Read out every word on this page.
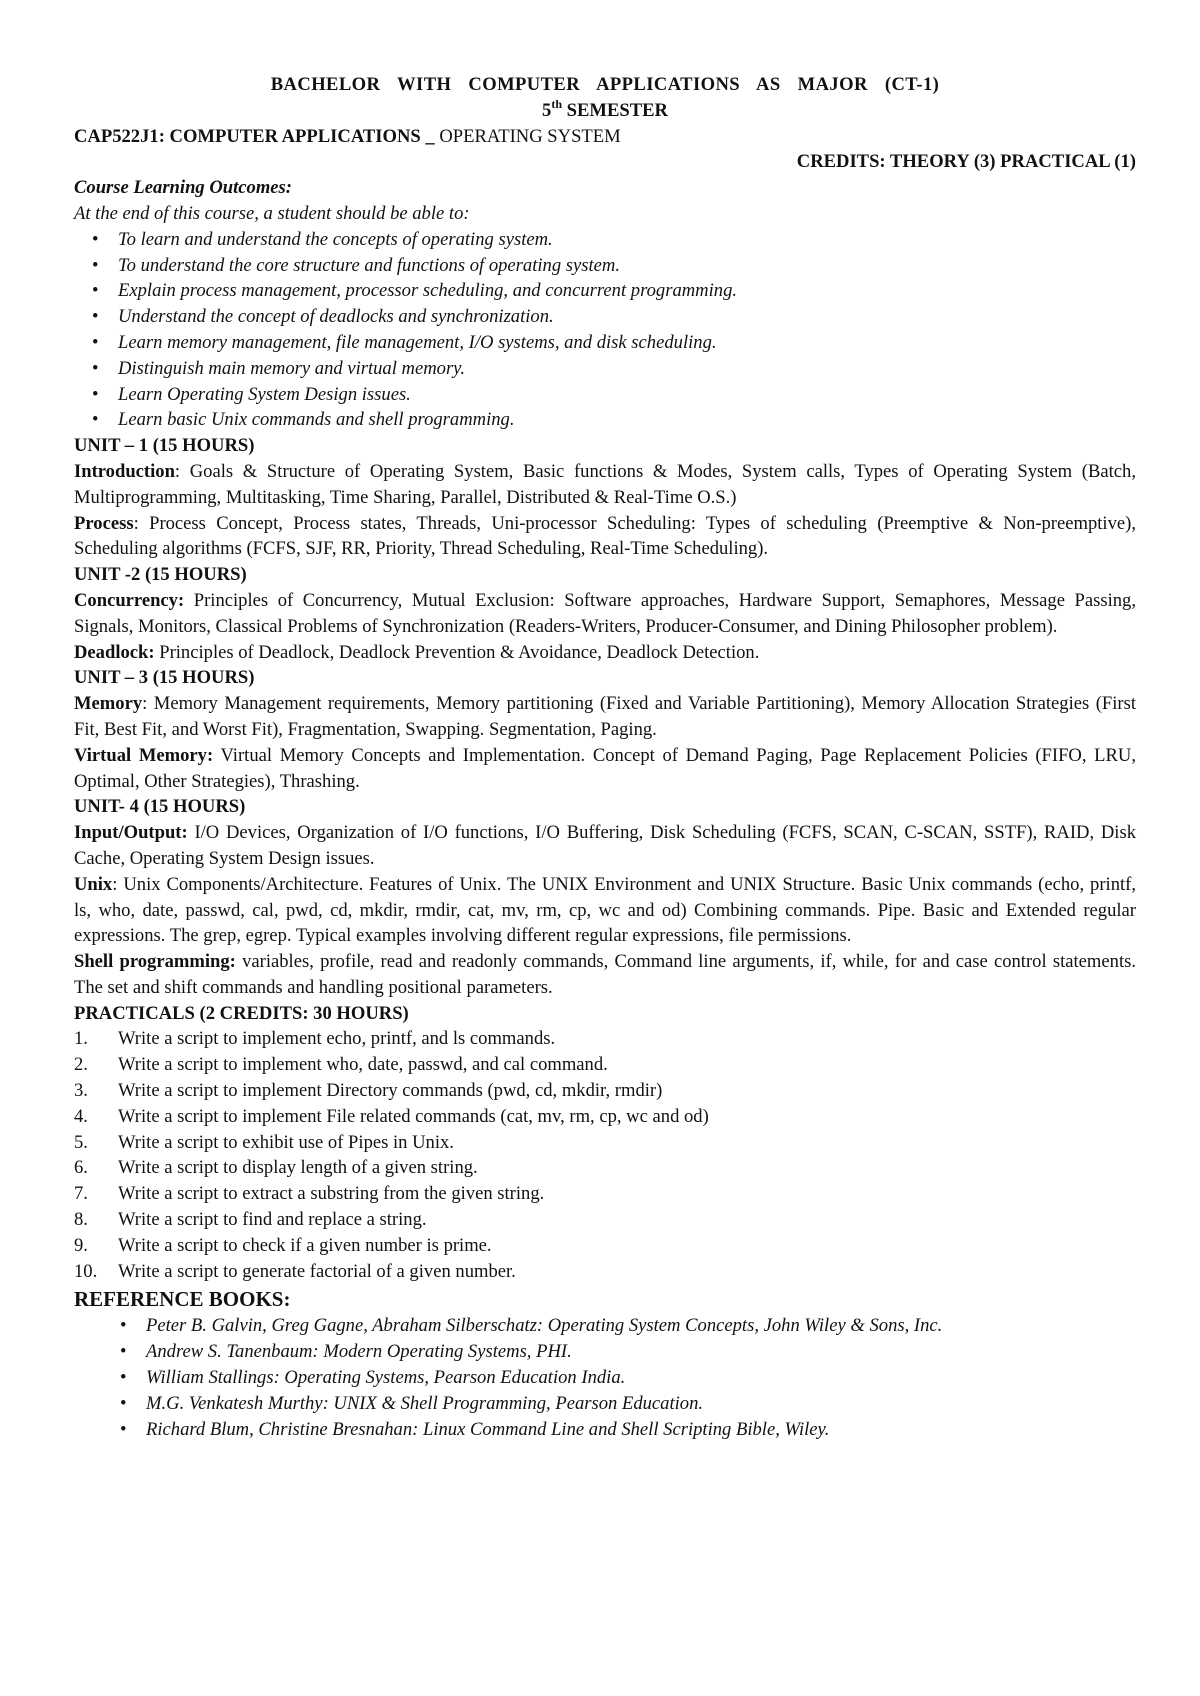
BACHELOR WITH COMPUTER APPLICATIONS AS MAJOR (CT-1)
5th SEMESTER
CAP522J1: COMPUTER APPLICATIONS _ OPERATING SYSTEM
CREDITS: THEORY (3) PRACTICAL (1)
Course Learning Outcomes:
At the end of this course, a student should be able to:
• To learn and understand the concepts of operating system.
• To understand the core structure and functions of operating system.
• Explain process management, processor scheduling, and concurrent programming.
• Understand the concept of deadlocks and synchronization.
• Learn memory management, file management, I/O systems, and disk scheduling.
• Distinguish main memory and virtual memory.
• Learn Operating System Design issues.
• Learn basic Unix commands and shell programming.
UNIT – 1 (15 HOURS)

Introduction: Goals & Structure of Operating System, Basic functions & Modes, System calls, Types of Operating System (Batch, Multiprogramming, Multitasking, Time Sharing, Parallel, Distributed & Real-Time O.S.)

Process: Process Concept, Process states, Threads, Uni-processor Scheduling: Types of scheduling (Preemptive & Non-preemptive), Scheduling algorithms (FCFS, SJF, RR, Priority, Thread Scheduling, Real-Time Scheduling).

UNIT -2 (15 HOURS)

Concurrency: Principles of Concurrency, Mutual Exclusion: Software approaches, Hardware Support, Semaphores, Message Passing, Signals, Monitors, Classical Problems of Synchronization (Readers-Writers, Producer-Consumer, and Dining Philosopher problem).

Deadlock: Principles of Deadlock, Deadlock Prevention & Avoidance, Deadlock Detection.

UNIT – 3 (15 HOURS)

Memory: Memory Management requirements, Memory partitioning (Fixed and Variable Partitioning), Memory Allocation Strategies (First Fit, Best Fit, and Worst Fit), Fragmentation, Swapping. Segmentation, Paging.

Virtual Memory: Virtual Memory Concepts and Implementation. Concept of Demand Paging, Page Replacement Policies (FIFO, LRU, Optimal, Other Strategies), Thrashing.

UNIT- 4 (15 HOURS)

Input/Output: I/O Devices, Organization of I/O functions, I/O Buffering, Disk Scheduling (FCFS, SCAN, C-SCAN, SSTF), RAID, Disk Cache, Operating System Design issues.

Unix: Unix Components/Architecture. Features of Unix. The UNIX Environment and UNIX Structure. Basic Unix commands (echo, printf, ls, who, date, passwd, cal, pwd, cd, mkdir, rmdir, cat, mv, rm, cp, wc and od) Combining commands. Pipe. Basic and Extended regular expressions. The grep, egrep. Typical examples involving different regular expressions, file permissions.

Shell programming: variables, profile, read and readonly commands, Command line arguments, if, while, for and case control statements. The set and shift commands and handling positional parameters.

PRACTICALS (2 CREDITS: 30 HOURS)
1. Write a script to implement echo, printf, and ls commands.
2. Write a script to implement who, date, passwd, and cal command.
3. Write a script to implement Directory commands (pwd, cd, mkdir, rmdir)
4. Write a script to implement File related commands (cat, mv, rm, cp, wc and od)
5. Write a script to exhibit use of Pipes in Unix.
6. Write a script to display length of a given string.
7. Write a script to extract a substring from the given string.
8. Write a script to find and replace a string.
9. Write a script to check if a given number is prime.
10. Write a script to generate factorial of a given number.
REFERENCE BOOKS:
• Peter B. Galvin, Greg Gagne, Abraham Silberschatz: Operating System Concepts, John Wiley & Sons, Inc.
• Andrew S. Tanenbaum: Modern Operating Systems, PHI.
• William Stallings: Operating Systems, Pearson Education India.
• M.G. Venkatesh Murthy: UNIX & Shell Programming, Pearson Education.
• Richard Blum, Christine Bresnahan: Linux Command Line and Shell Scripting Bible, Wiley.
